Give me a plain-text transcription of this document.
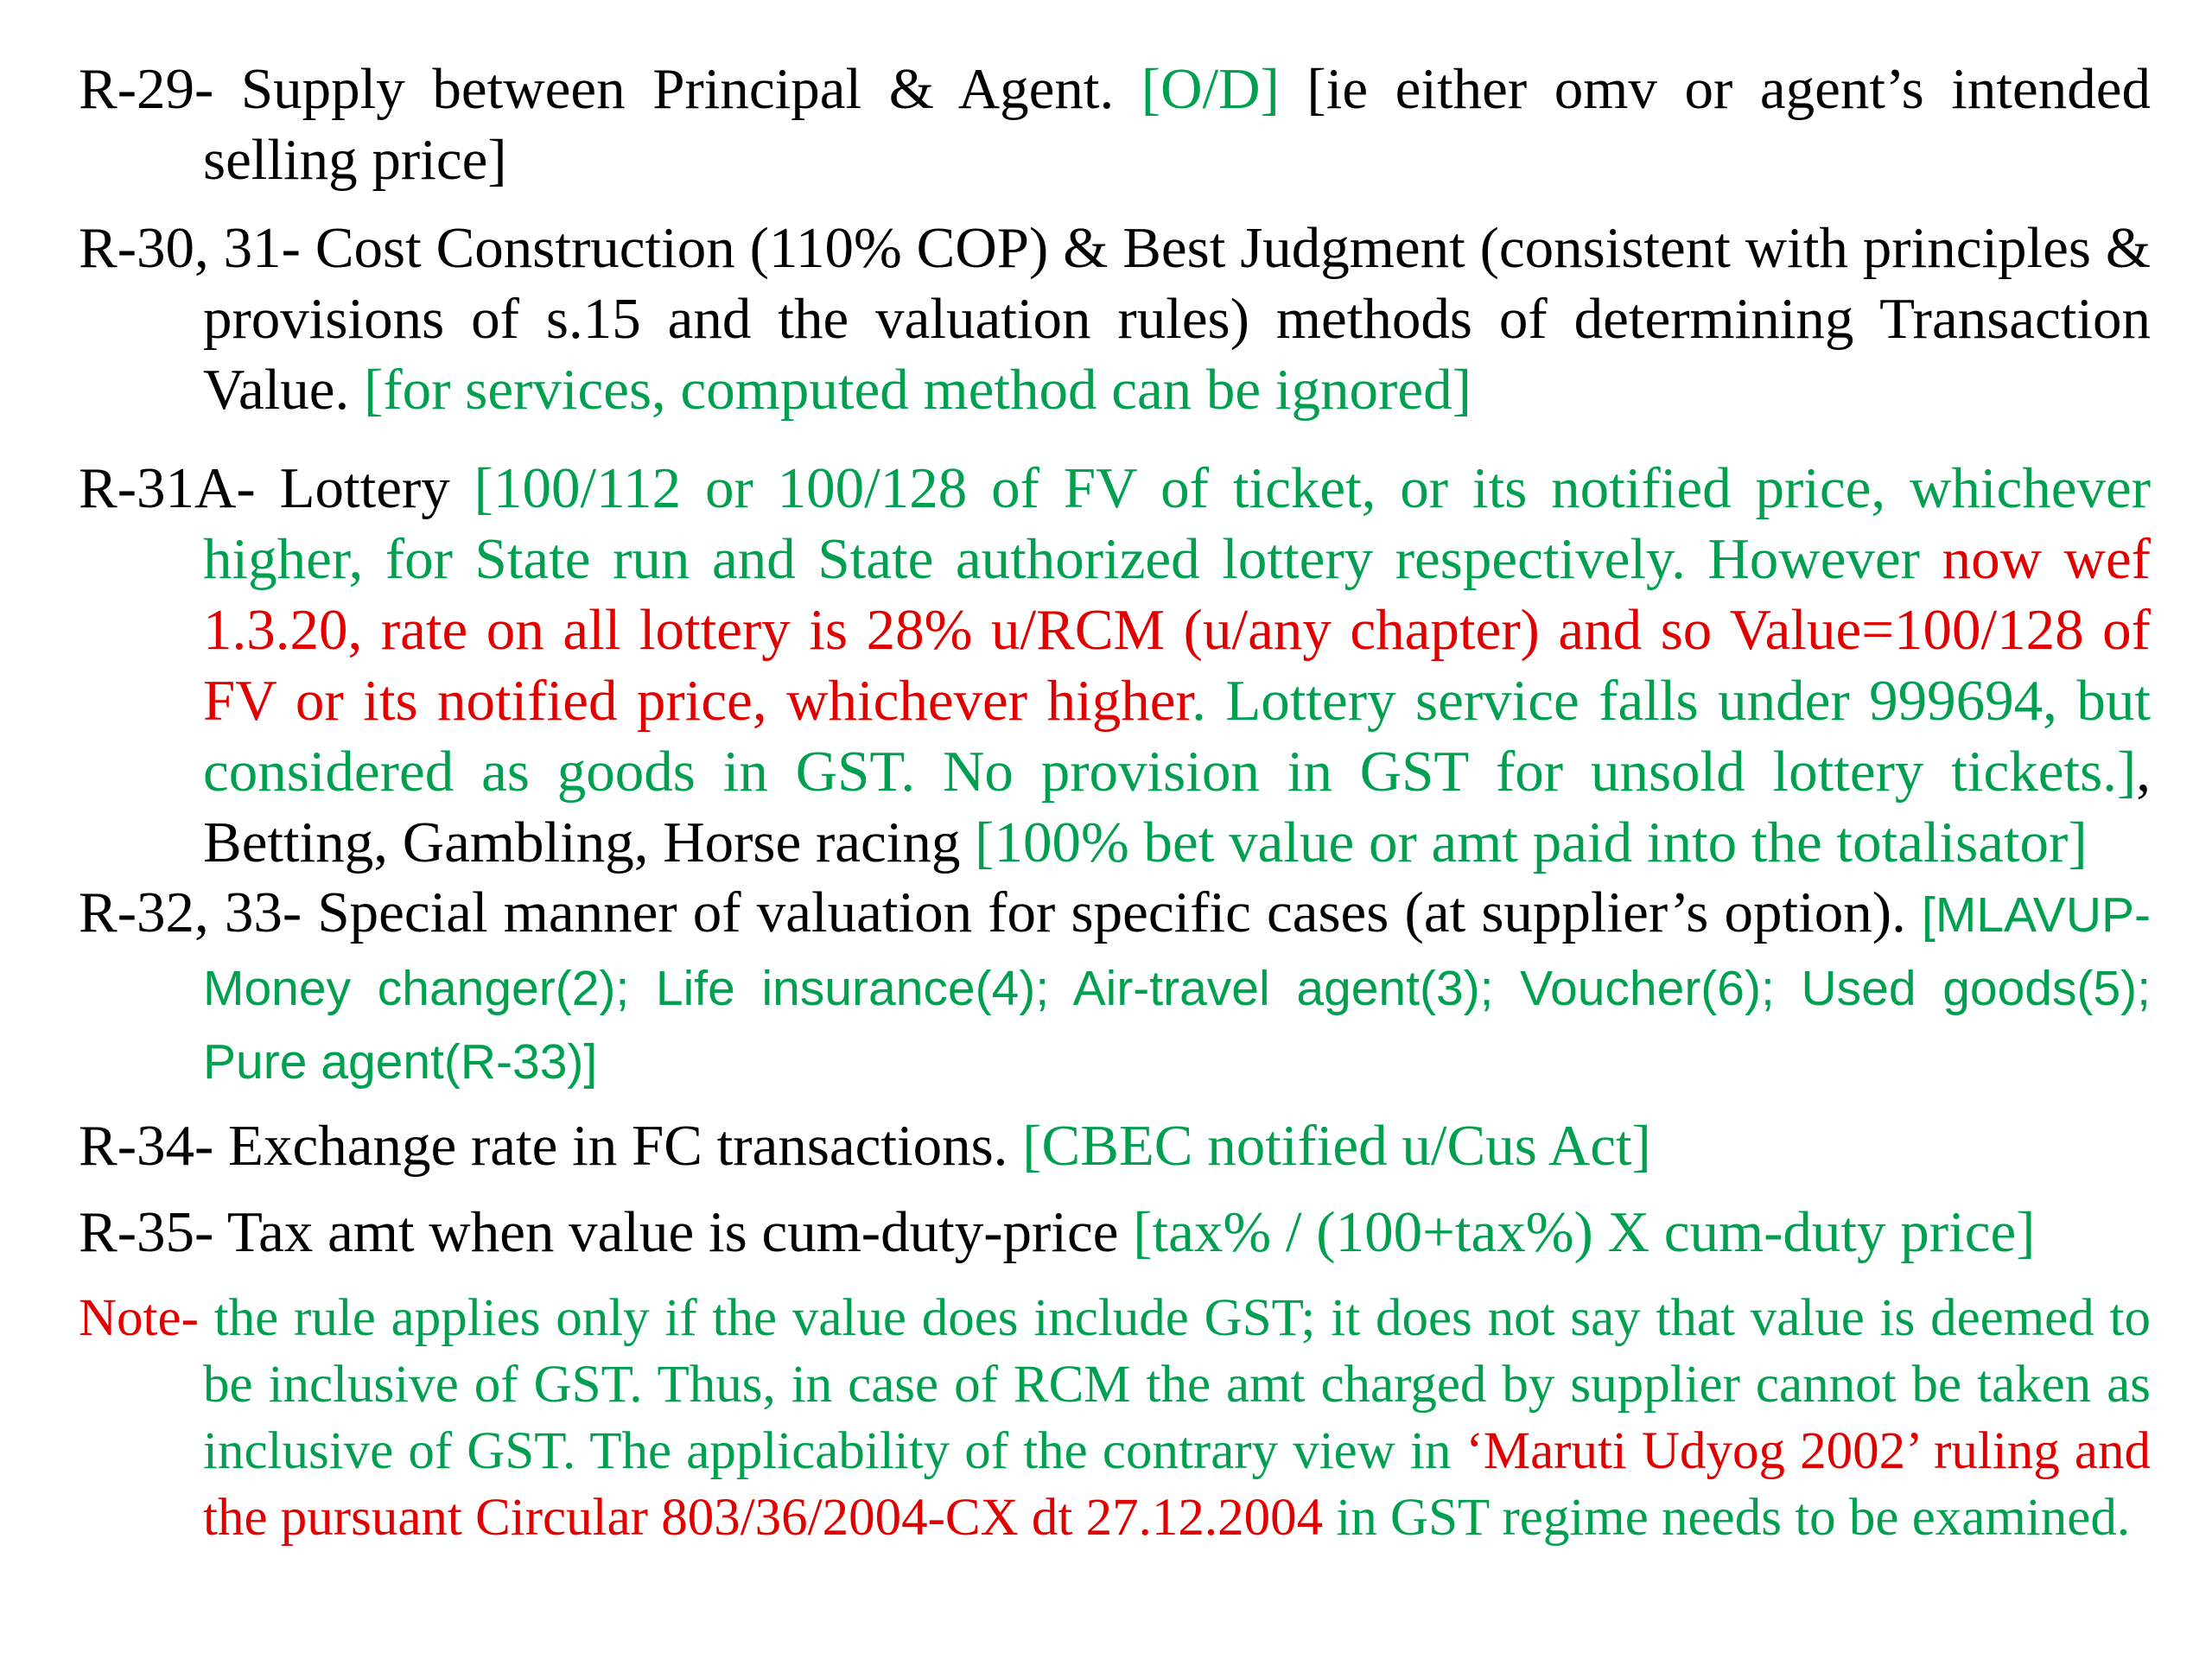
R-29- Supply between Principal & Agent. [O/D] [ie either omv or agent’s intended selling price]

R-30, 31- Cost Construction (110% COP) & Best Judgment (consistent with principles & provisions of s.15 and the valuation rules) methods of determining Transaction Value. [for services, computed method can be ignored]

R-31A- Lottery [100/112 or 100/128 of FV of ticket, or its notified price, whichever higher, for State run and State authorized lottery respectively. However now wef 1.3.20, rate on all lottery is 28% u/RCM (u/any chapter) and so Value=100/128 of FV or its notified price, whichever higher. Lottery service falls under 999694, but considered as goods in GST. No provision in GST for unsold lottery tickets.], Betting, Gambling, Horse racing [100% bet value or amt paid into the totalisator]

R-32, 33- Special manner of valuation for specific cases (at supplier’s option). [MLAVUP- Money changer(2); Life insurance(4); Air-travel agent(3); Voucher(6); Used goods(5); Pure agent(R-33)]

R-34- Exchange rate in FC transactions. [CBEC notified u/Cus Act]

R-35- Tax amt when value is cum-duty-price [tax% / (100+tax%) X cum-duty price]

Note- the rule applies only if the value does include GST; it does not say that value is deemed to be inclusive of GST. Thus, in case of RCM the amt charged by supplier cannot be taken as inclusive of GST. The applicability of the contrary view in ‘Maruti Udyog 2002’ ruling and the pursuant Circular 803/36/2004-CX dt 27.12.2004 in GST regime needs to be examined.
